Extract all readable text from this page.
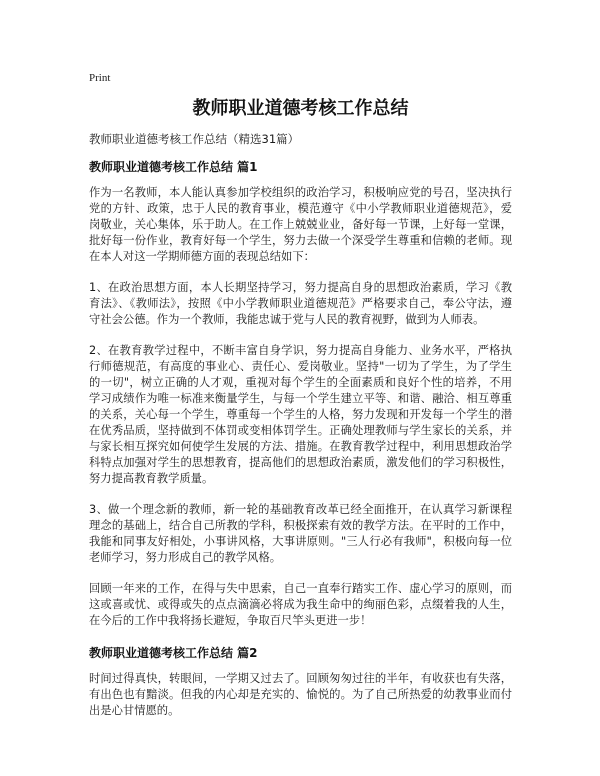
Print
教师职业道德考核工作总结
教师职业道德考核工作总结（精选31篇）
教师职业道德考核工作总结 篇1

作为一名教师，本人能认真参加学校组织的政治学习，积极响应党的号召，坚决执行党的方针、政策，忠于人民的教育事业，模范遵守《中小学教师职业道德规范》，爱岗敬业，关心集体，乐于助人。在工作上兢兢业业，备好每一节课，上好每一堂课，批好每一份作业，教育好每一个学生，努力去做一个深受学生尊重和信赖的老师。现在本人对这一学期师德方面的表现总结如下：

1、在政治思想方面，本人长期坚持学习，努力提高自身的思想政治素质，学习《教育法》、《教师法》，按照《中小学教师职业道德规范》严格要求自己，奉公守法，遵守社会公德。作为一个教师，我能忠诚于党与人民的教育视野，做到为人师表。

2、在教育教学过程中，不断丰富自身学识，努力提高自身能力、业务水平，严格执行师德规范，有高度的事业心、责任心、爱岗敬业。坚持"一切为了学生，为了学生的一切"，树立正确的人才观，重视对每个学生的全面素质和良好个性的培养，不用学习成绩作为唯一标准来衡量学生，与每一个学生建立平等、和谐、融洽、相互尊重的关系，关心每一个学生，尊重每一个学生的人格，努力发现和开发每一个学生的潜在优秀品质，坚持做到不体罚或变相体罚学生。正确处理教师与学生家长的关系，并与家长相互探究如何使学生发展的方法、措施。在教育教学过程中，利用思想政治学科特点加强对学生的思想教育，提高他们的思想政治素质，激发他们的学习积极性，努力提高教育教学质量。

3、做一个理念新的教师，新一轮的基础教育改革已经全面推开，在认真学习新课程理念的基础上，结合自己所教的学科，积极探索有效的教学方法。在平时的工作中，我能和同事友好相处，小事讲风格，大事讲原则。"三人行必有我师"，积极向每一位老师学习，努力形成自己的教学风格。

回顾一年来的工作，在得与失中思索，自己一直奉行踏实工作、虚心学习的原则，而这或喜或忧、或得或失的点点滴滴必将成为我生命中的绚丽色彩，点缀着我的人生，在今后的工作中我将扬长避短，争取百尺竿头更进一步！

教师职业道德考核工作总结 篇2

时间过得真快，转眼间，一学期又过去了。回顾匆匆过往的半年，有收获也有失落，有出色也有黯淡。但我的内心却是充实的、愉悦的。为了自己所热爱的幼教事业而付出是心甘情愿的。
